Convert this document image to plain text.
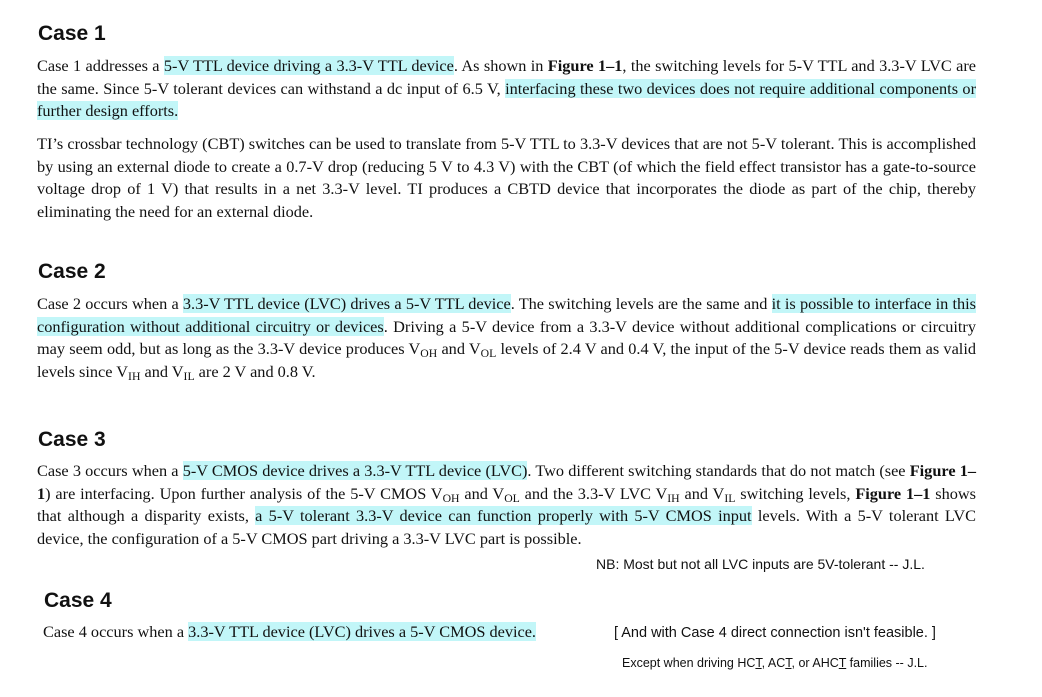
Case 1

Case 1 addresses a 5-V TTL device driving a 3.3-V TTL device. As shown in Figure 1–1, the switching levels for 5-V TTL and 3.3-V LVC are the same. Since 5-V tolerant devices can withstand a dc input of 6.5 V, interfacing these two devices does not require additional components or further design efforts.

TI’s crossbar technology (CBT) switches can be used to translate from 5-V TTL to 3.3-V devices that are not 5-V tolerant. This is accomplished by using an external diode to create a 0.7-V drop (reducing 5 V to 4.3 V) with the CBT (of which the field effect transistor has a gate-to-source voltage drop of 1 V) that results in a net 3.3-V level. TI produces a CBTD device that incorporates the diode as part of the chip, thereby eliminating the need for an external diode.

Case 2

Case 2 occurs when a 3.3-V TTL device (LVC) drives a 5-V TTL device. The switching levels are the same and it is possible to interface in this configuration without additional circuitry or devices. Driving a 5-V device from a 3.3-V device without additional complications or circuitry may seem odd, but as long as the 3.3-V device produces $V_{OH}$ and $V_{OL}$ levels of 2.4 V and 0.4 V, the input of the 5-V device reads them as valid levels since $V_{IH}$ and $V_{IL}$ are 2 V and 0.8 V.

Case 3

Case 3 occurs when a 5-V CMOS device drives a 3.3-V TTL device (LVC). Two different switching standards that do not match (see Figure 1–1) are interfacing. Upon further analysis of the 5-V CMOS $V_{OH}$ and $V_{OL}$ and the 3.3-V LVC $V_{IH}$ and $V_{IL}$ switching levels, Figure 1–1 shows that although a disparity exists, a 5-V tolerant 3.3-V device can function properly with 5-V CMOS input levels. With a 5-V tolerant LVC device, the configuration of a 5-V CMOS part driving a 3.3-V LVC part is possible.

NB: Most but not all LVC inputs are 5V-tolerant -- J.L.

Case 4

Case 4 occurs when a 3.3-V TTL device (LVC) drives a 5-V CMOS device.	[ And with Case 4 direct connection isn't feasible. ]

Except when driving HCT, ACT, or AHCT families -- J.L.
